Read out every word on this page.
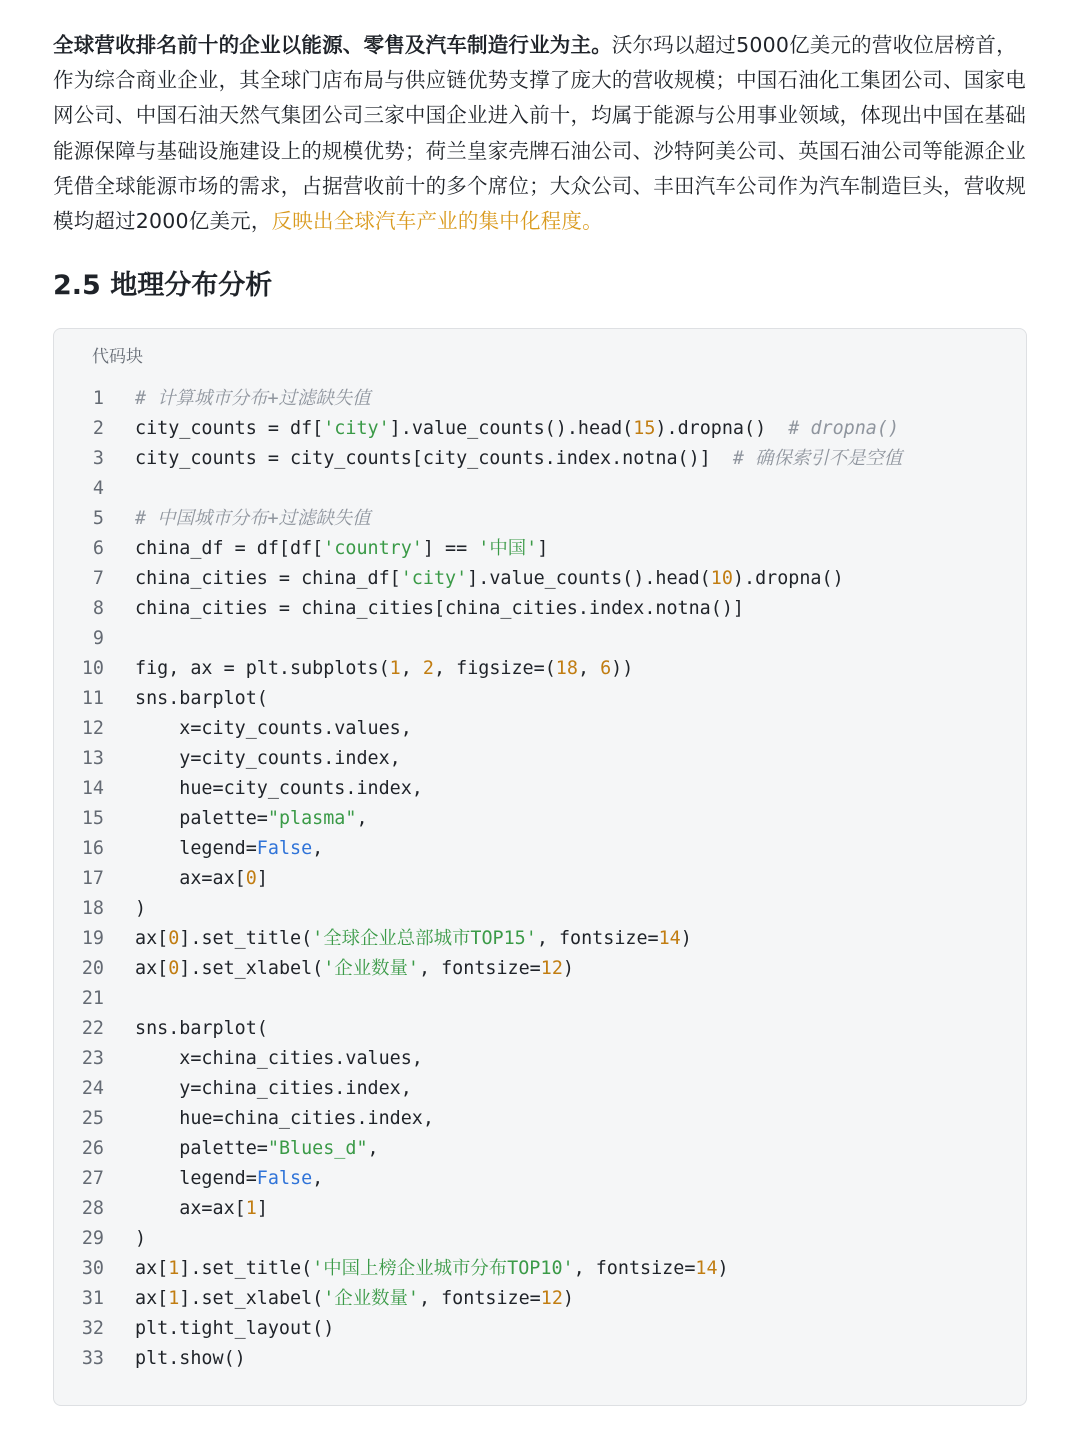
全球营收排名前十的企业以能源、零售及汽车制造行业为主。沃尔玛以超过5000亿美元的营收位居榜首，作为综合商业企业，其全球门店布局与供应链优势支撑了庞大的营收规模；中国石油化工集团公司、国家电网公司、中国石油天然气集团公司三家中国企业进入前十，均属于能源与公用事业领域，体现出中国在基础能源保障与基础设施建设上的规模优势；荷兰皇家壳牌石油公司、沙特阿美公司、英国石油公司等能源企业凭借全球能源市场的需求，占据营收前十的多个席位；大众公司、丰田汽车公司作为汽车制造巨头，营收规模均超过2000亿美元，反映出全球汽车产业的集中化程度。

2.5 地理分布分析
代码块
1 # 计算城市分布+过滤缺失值
2 city_counts = df['city'].value_counts().head(15).dropna()  # dropna()
3 city_counts = city_counts[city_counts.index.notna()]  # 确保索引不是空值
4
5 # 中国城市分布+过滤缺失值
6 china_df = df[df['country'] == '中国']
7 china_cities = china_df['city'].value_counts().head(10).dropna()
8 china_cities = china_cities[china_cities.index.notna()]
9
10 fig, ax = plt.subplots(1, 2, figsize=(18, 6))
11 sns.barplot(
12 x=city_counts.values,
13 y=city_counts.index,
14 hue=city_counts.index,
15 palette="plasma",
16 legend=False,
17 ax=ax[0]
18 )
19 ax[0].set_title('全球企业总部城市TOP15', fontsize=14)
20 ax[0].set_xlabel('企业数量', fontsize=12)
21
22 sns.barplot(
23 x=china_cities.values,
24 y=china_cities.index,
25 hue=china_cities.index,
26 palette="Blues_d",
27 legend=False,
28 ax=ax[1]
29 )
30 ax[1].set_title('中国上榜企业城市分布TOP10', fontsize=14)
31 ax[1].set_xlabel('企业数量', fontsize=12)
32 plt.tight_layout()
33 plt.show()
